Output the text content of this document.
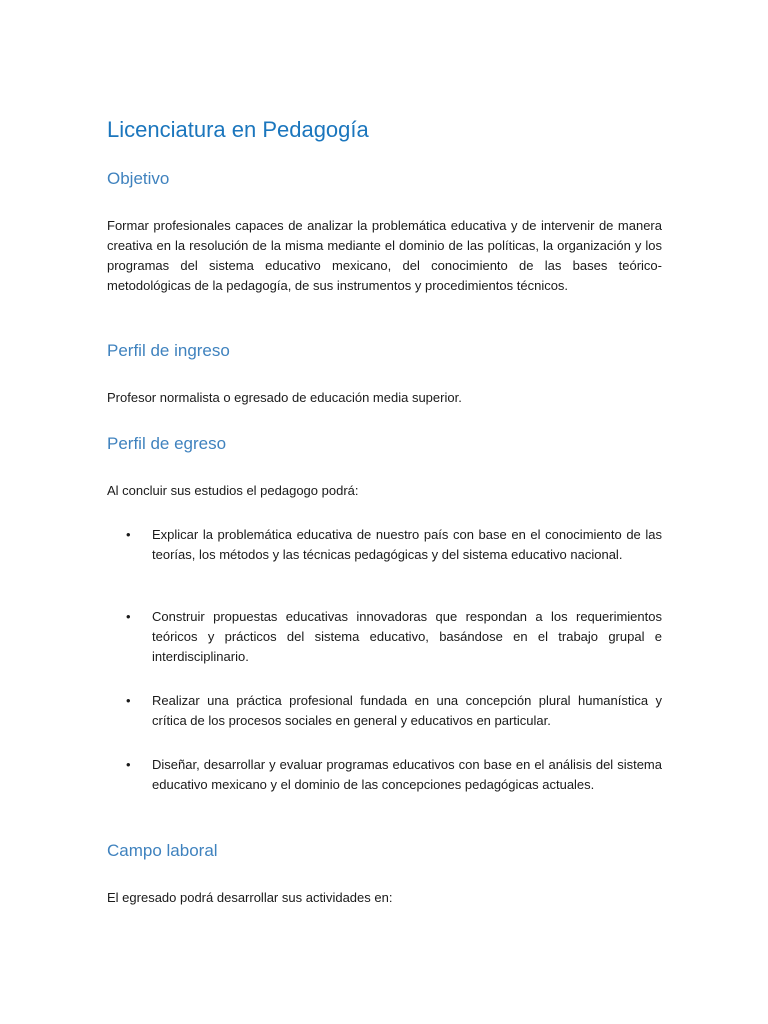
Licenciatura en Pedagogía
Objetivo

Formar profesionales capaces de analizar la problemática educativa y de intervenir de manera creativa en la resolución de la misma mediante el dominio de las políticas, la organización y los programas del sistema educativo mexicano, del conocimiento de las bases teórico-metodológicas de la pedagogía, de sus instrumentos y procedimientos técnicos.

Perfil de ingreso

Profesor normalista o egresado de educación media superior.

Perfil de egreso

Al concluir sus estudios el pedagogo podrá:

• Explicar la problemática educativa de nuestro país con base en el conocimiento de las teorías, los métodos y las técnicas pedagógicas y del sistema educativo nacional.

• Construir propuestas educativas innovadoras que respondan a los requerimientos teóricos y prácticos del sistema educativo, basándose en el trabajo grupal e interdisciplinario.

• Realizar una práctica profesional fundada en una concepción plural humanística y crítica de los procesos sociales en general y educativos en particular.

• Diseñar, desarrollar y evaluar programas educativos con base en el análisis del sistema educativo mexicano y el dominio de las concepciones pedagógicas actuales.

Campo laboral

El egresado podrá desarrollar sus actividades en:
